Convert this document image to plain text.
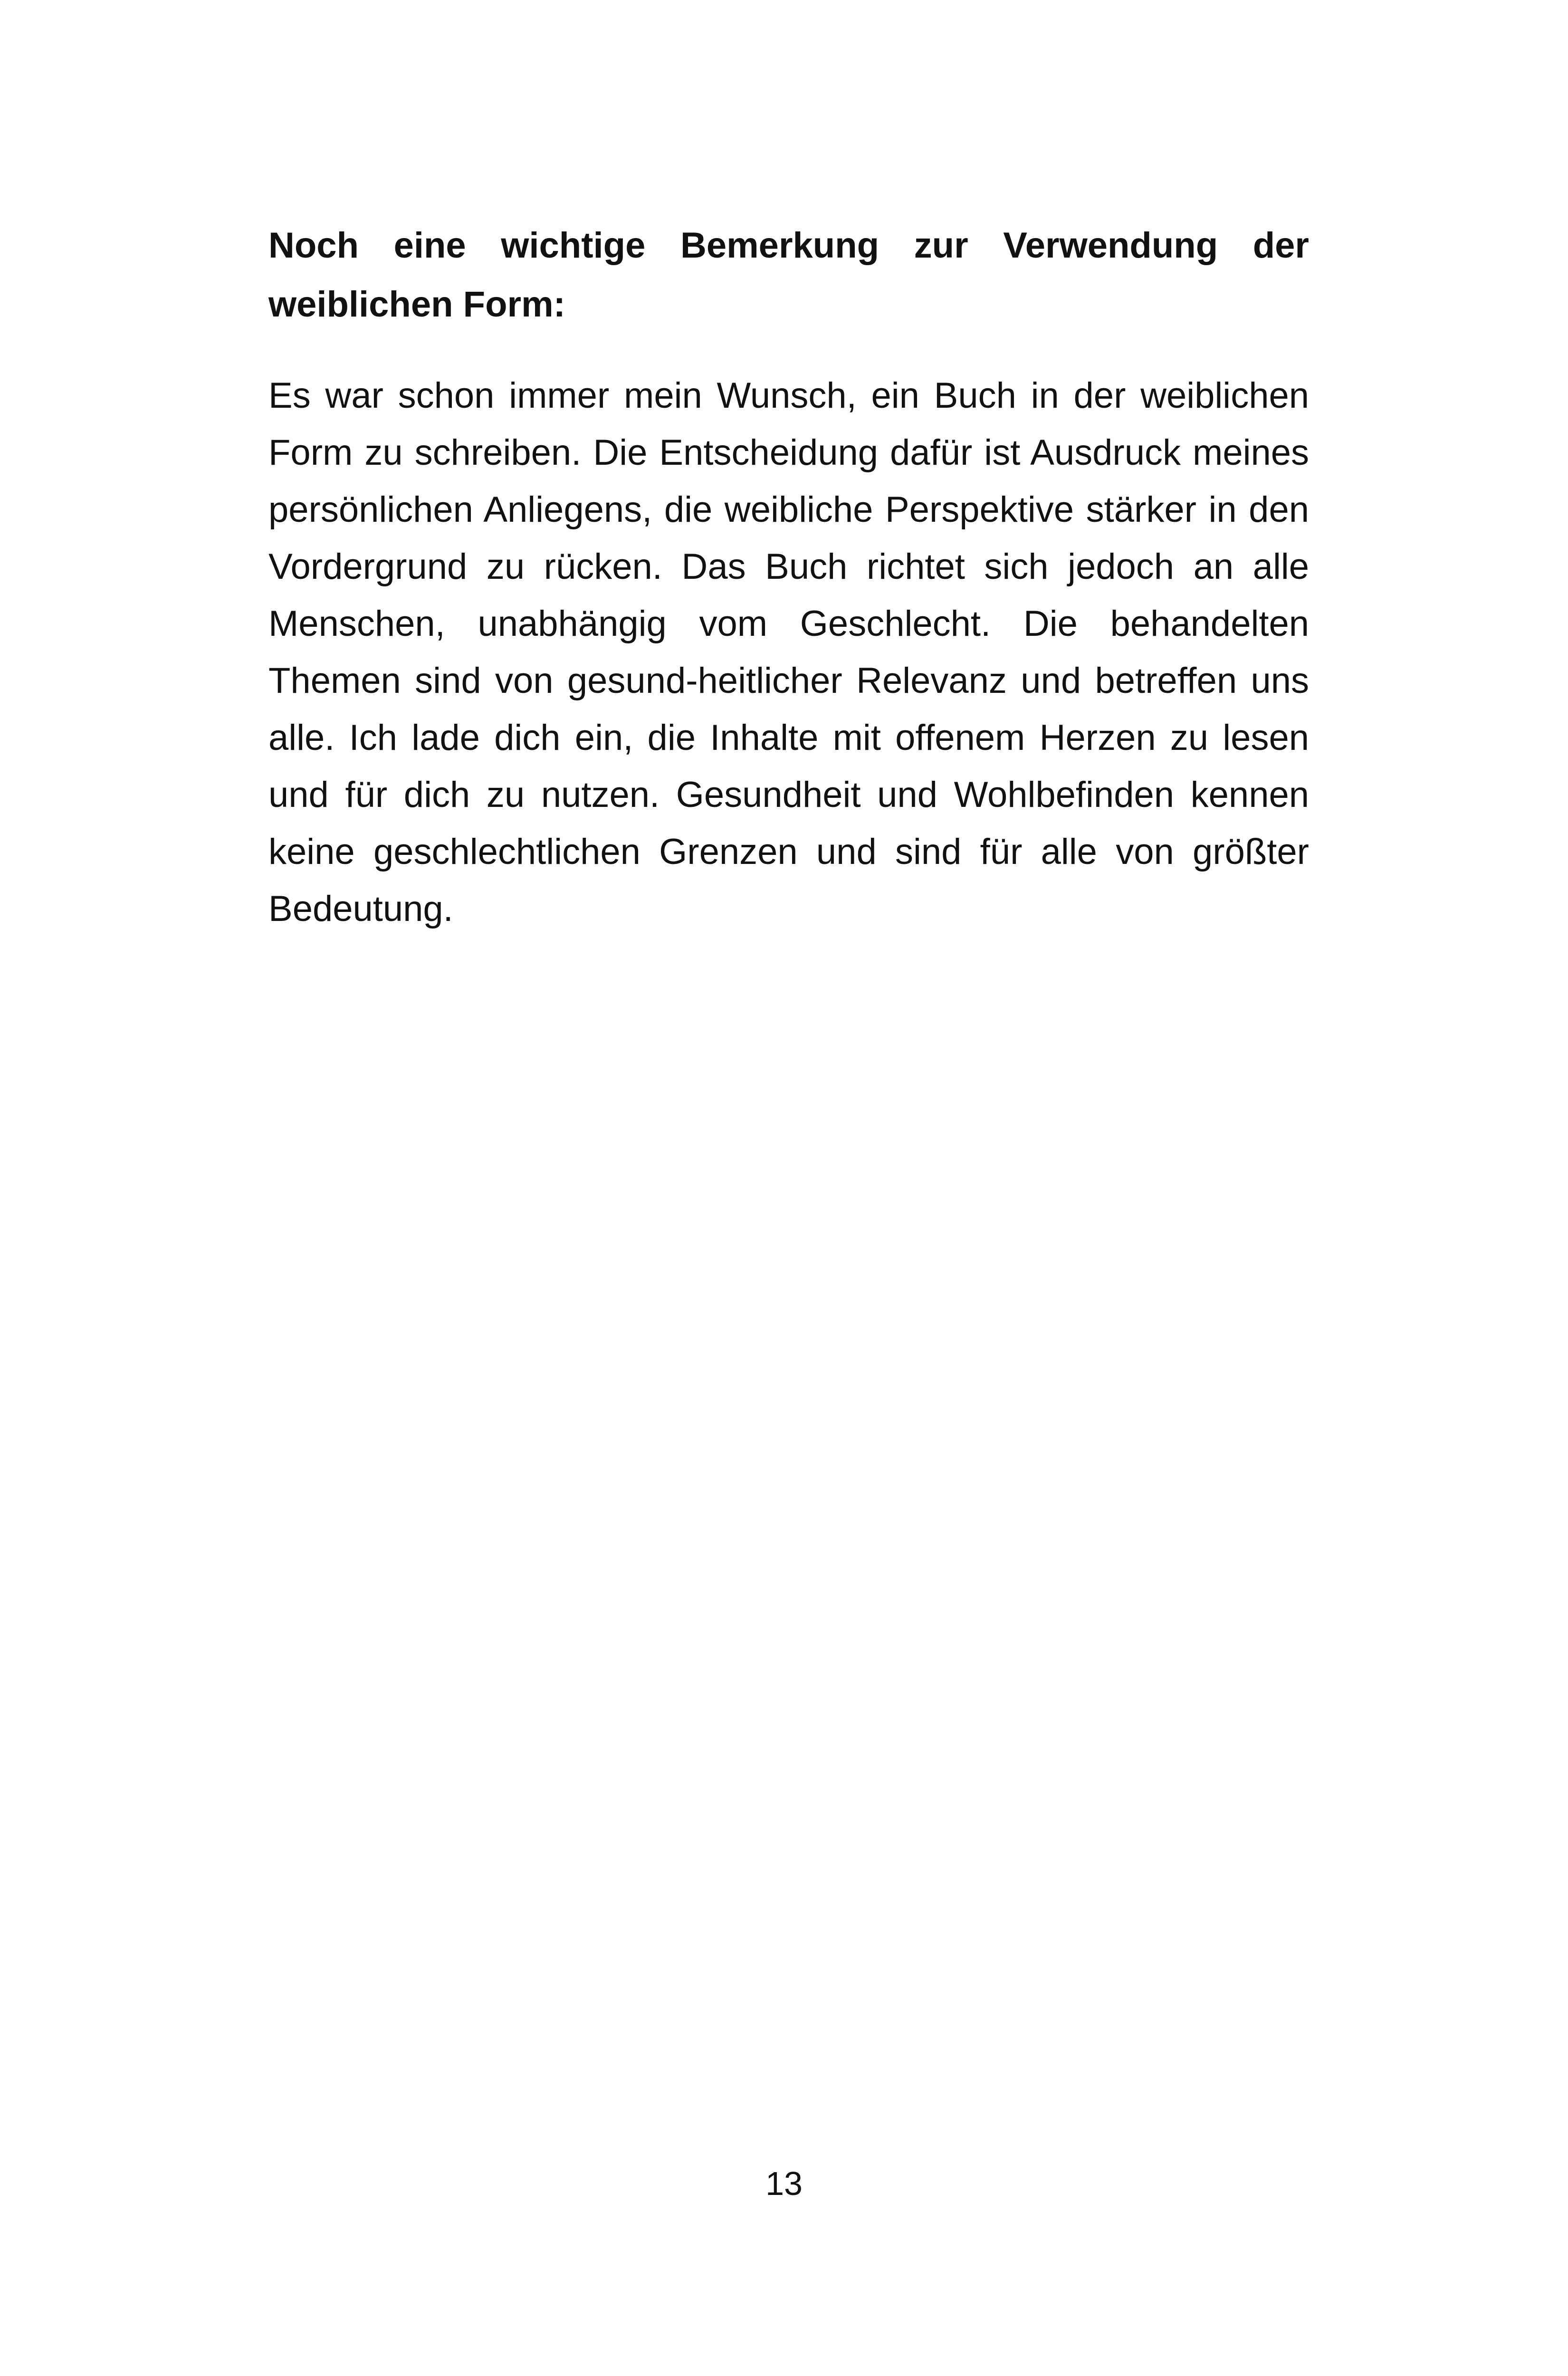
Noch eine wichtige Bemerkung zur Verwendung der weiblichen Form:

Es war schon immer mein Wunsch, ein Buch in der weiblichen Form zu schreiben. Die Entscheidung dafür ist Ausdruck meines persönlichen Anliegens, die weibliche Perspektive stärker in den Vordergrund zu rücken. Das Buch richtet sich jedoch an alle Menschen, unabhängig vom Geschlecht. Die behandelten Themen sind von gesund-heitlicher Relevanz und betreffen uns alle. Ich lade dich ein, die Inhalte mit offenem Herzen zu lesen und für dich zu nutzen. Gesundheit und Wohlbefinden kennen keine geschlechtlichen Grenzen und sind für alle von größter Bedeutung.

13
